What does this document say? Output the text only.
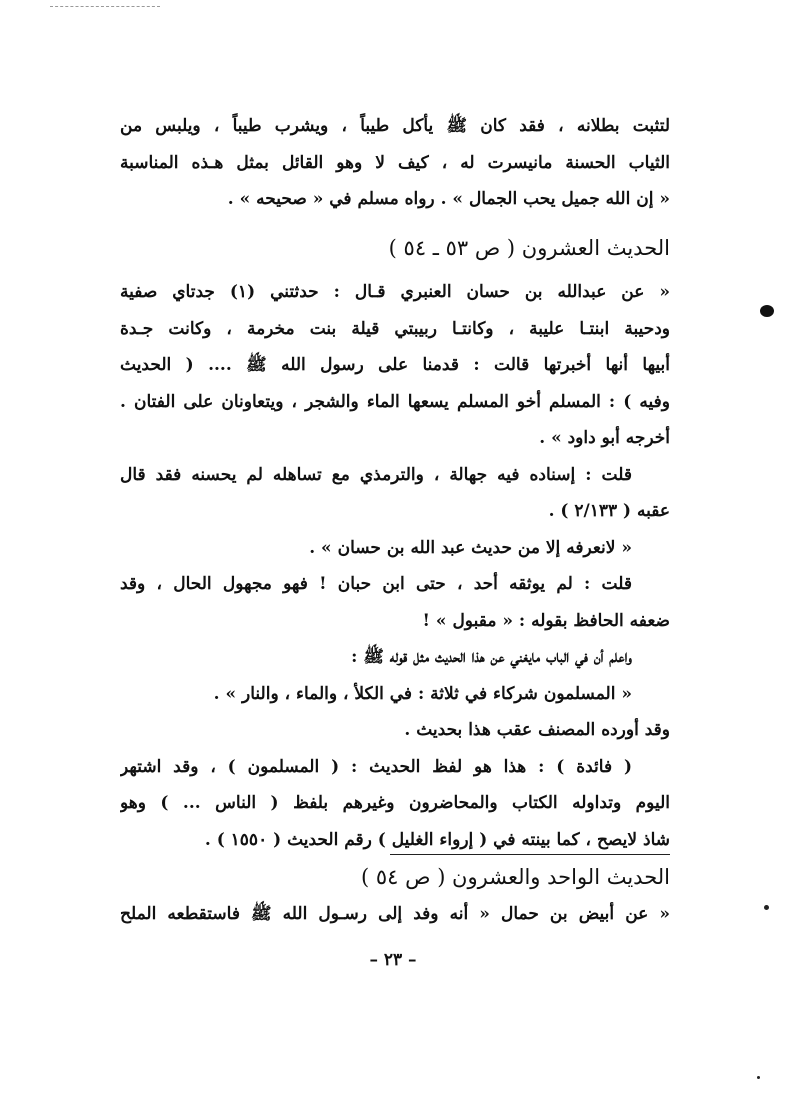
لتثبت بطلانه ، فقد كان ﷺ يأكل طيباً ، ويشرب طيباً ، ويلبس من
الثياب الحسنة مانيسرت له ، كيف لا وهو القائل بمثل هـذه المناسبة
« إن الله جميل يحب الجمال » . رواه مسلم في « صحيحه » .
الحديث العشرون ( ص ٥٣ ـ ٥٤ )
« عن عبدالله بن حسان العنبري قـال : حدثتني (١) جدتاي صفية
ودحيبة ابنتـا عليبة ، وكانتـا ربيبتي قيلة بنت مخرمة ، وكانت جـدة
أبيها أنها أخبرتها قالت : قدمنا على رسول الله ﷺ .... ( الحديث
وفيه ) : المسلم أخو المسلم يسعها الماء والشجر ، ويتعاونان على الفتان .
أخرجه أبو داود » .
قلت : إسناده فيه جهالة ، والترمذي مع تساهله لم يحسنه فقد قال
عقبه ( ٢/١٣٣ ) .
« لانعرفه إلا من حديث عبد الله بن حسان » .
قلت : لم يوثقه أحد ، حتى ابن حبان ! فهو مجهول الحال ، وقد
ضعفه الحافظ بقوله : « مقبول » !
واعلم أن في الباب مايغني عن هذا الحديث مثل قوله ﷺ :
« المسلمون شركاء في ثلاثة : في الكلأ ، والماء ، والنار » .
وقد أورده المصنف عقب هذا بحديث .
( فائدة ) : هذا هو لفظ الحديث : ( المسلمون ) ، وقد اشتهر
اليوم وتداوله الكتاب والمحاضرون وغيرهم بلفظ ( الناس ... ) وهو
شاذ لايصح ، كما بينته في ( إرواء الغليل ) رقم الحديث ( ١٥٥٠ ) .
الحديث الواحد والعشرون ( ص ٥٤ )
« عن أبيض بن حمال « أنه وفد إلى رسـول الله ﷺ فاستقطعه الملح
– ٢٣ –
